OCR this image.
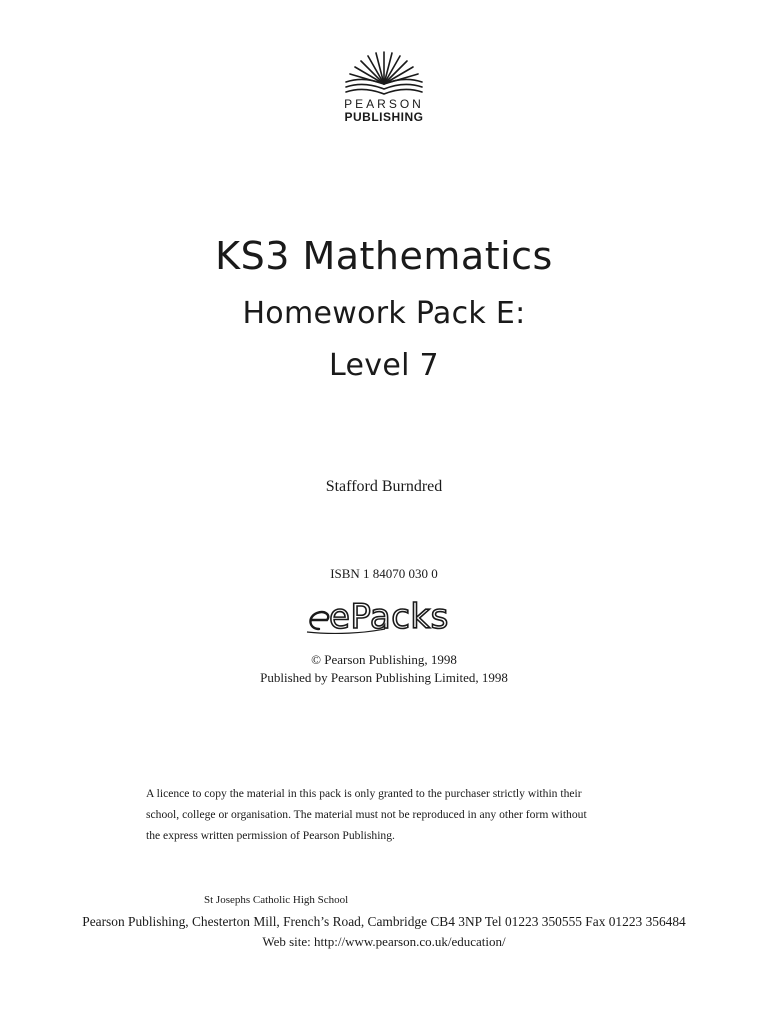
PEARSON
PUBLISHING
KS3 Mathematics
Homework Pack E:
Level 7
Stafford Burndred
ISBN 1 84070 030 0
ePacks
© Pearson Publishing, 1998
Published by Pearson Publishing Limited, 1998
A licence to copy the material in this pack is only granted to the purchaser strictly within their
school, college or organisation. The material must not be reproduced in any other form without
the express written permission of Pearson Publishing.
St Josephs Catholic High School
Pearson Publishing, Chesterton Mill, French’s Road, Cambridge CB4 3NP Tel 01223 350555 Fax 01223 356484
Web site: http://www.pearson.co.uk/education/
